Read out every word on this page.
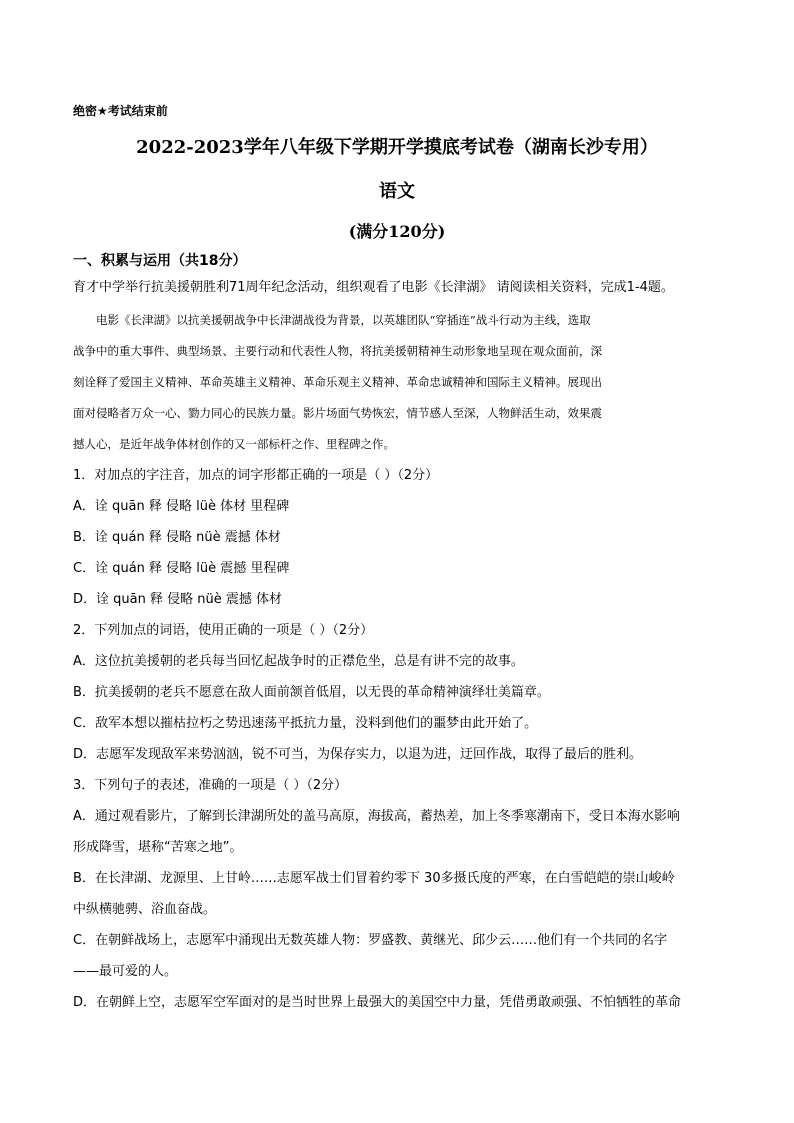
绝密★考试结束前
2022-2023学年八年级下学期开学摸底考试卷（湖南长沙专用）
语文
(满分120分)
一、积累与运用（共18分）
育才中学举行抗美援朝胜利71周年纪念活动，组织观看了电影《长津湖》 请阅读相关资料，完成1-4题。
电影《长津湖》以抗美援朝战争中长津湖战役为背景，以英雄团队“穿插连”战斗行动为主线，选取
战争中的重大事件、典型场景、主要行动和代表性人物，将抗美援朝精神生动形象地呈现在观众面前，深
刻诠释了爱国主义精神、革命英雄主义精神、革命乐观主义精神、革命忠诚精神和国际主义精神。展现出
面对侵略者万众一心、勠力同心的民族力量。影片场面气势恢宏，情节感人至深，人物鲜活生动，效果震
撼人心，是近年战争体材创作的又一部标杆之作、里程碑之作。
1．对加点的字注音，加点的词字形都正确的一项是（ ）（2分）
A．诠 quān 释 侵略 lüè 体材 里程碑
B．诠 quán 释 侵略 nüè 震撼 体材
C．诠 quán 释 侵略 lüè 震撼 里程碑
D．诠 quān 释 侵略 nüè 震撼 体材
2．下列加点的词语，使用正确的一项是（ ）（2分）
A．这位抗美援朝的老兵每当回忆起战争时的正襟危坐，总是有讲不完的故事。
B．抗美援朝的老兵不愿意在敌人面前颔首低眉，以无畏的革命精神演绎壮美篇章。
C．敌军本想以摧枯拉朽之势迅速荡平抵抗力量，没料到他们的噩梦由此开始了。
D．志愿军发现敌军来势汹汹，锐不可当，为保存实力，以退为进，迂回作战，取得了最后的胜利。
3．下列句子的表述，准确的一项是（ ）（2分）
A．通过观看影片，了解到长津湖所处的盖马高原，海拔高，蓄热差，加上冬季寒潮南下，受日本海水影响
形成降雪，堪称“苦寒之地”。
B．在长津湖、龙源里、上甘岭……志愿军战士们冒着约零下 30多摄氏度的严寒，在白雪皑皑的崇山峻岭
中纵横驰骋、浴血奋战。
C．在朝鲜战场上，志愿军中涌现出无数英雄人物：罗盛教、黄继光、邱少云……他们有一个共同的名字
——最可爱的人。
D．在朝鲜上空，志愿军空军面对的是当时世界上最强大的美国空中力量，凭借勇敢顽强、不怕牺牲的革命
